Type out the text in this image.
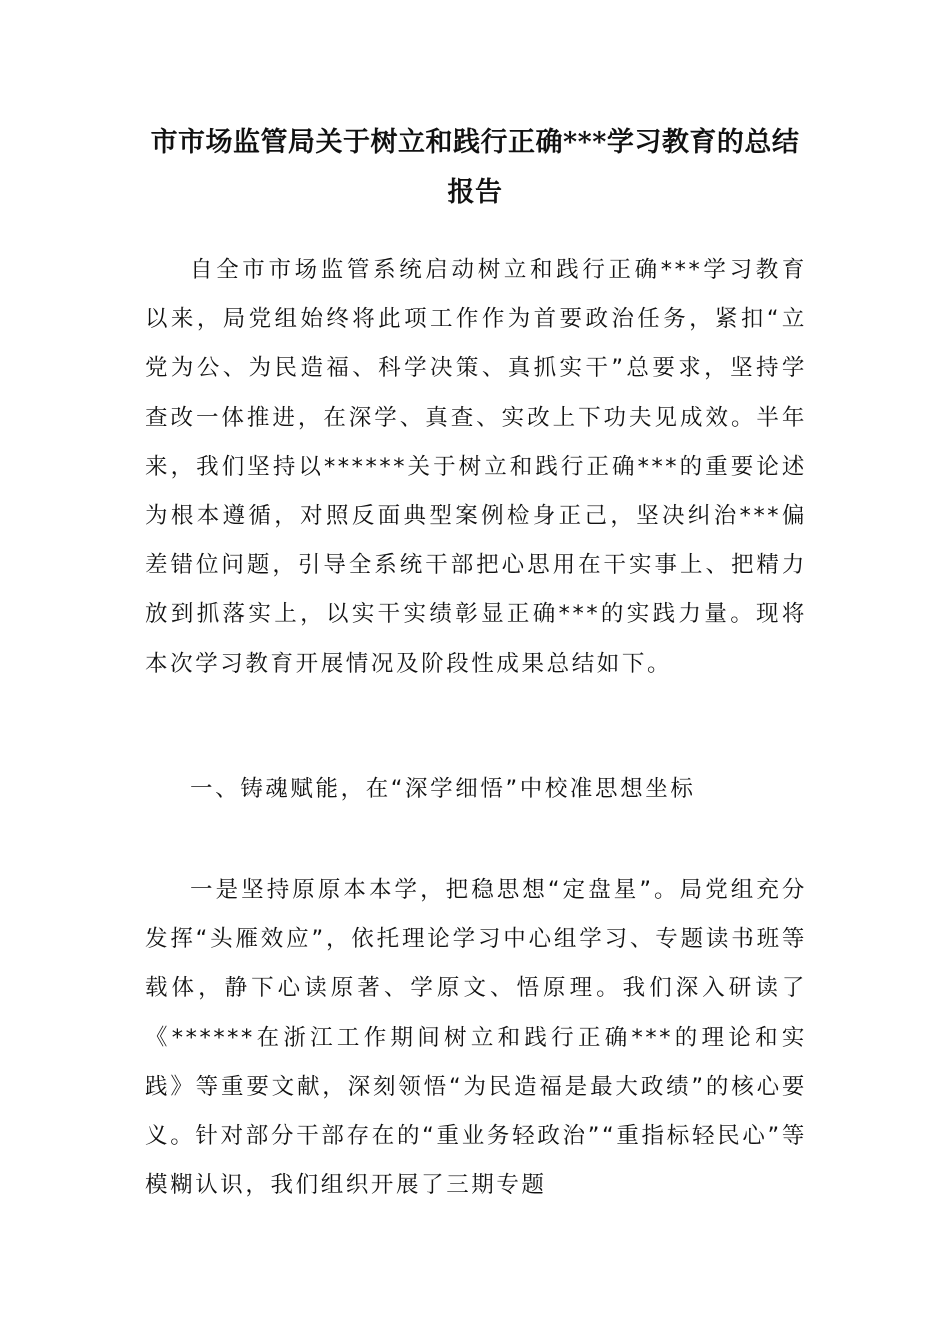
市市场监管局关于树立和践行正确***学习教育的总结报告

自全市市场监管系统启动树立和践行正确***学习教育以来，局党组始终将此项工作作为首要政治任务，紧扣“立党为公、为民造福、科学决策、真抓实干”总要求，坚持学查改一体推进，在深学、真查、实改上下功夫见成效。半年来，我们坚持以******关于树立和践行正确***的重要论述为根本遵循，对照反面典型案例检身正己，坚决纠治***偏差错位问题，引导全系统干部把心思用在干实事上、把精力放到抓落实上，以实干实绩彰显正确***的实践力量。现将本次学习教育开展情况及阶段性成果总结如下。

一、铸魂赋能，在“深学细悟”中校准思想坐标

一是坚持原原本本学，把稳思想“定盘星”。局党组充分发挥“头雁效应”，依托理论学习中心组学习、专题读书班等载体，静下心读原著、学原文、悟原理。我们深入研读了《******在浙江工作期间树立和践行正确***的理论和实践》等重要文献，深刻领悟“为民造福是最大政绩”的核心要义。针对部分干部存在的“重业务轻政治”“重指标轻民心”等模糊认识，我们组织开展了三期专题
